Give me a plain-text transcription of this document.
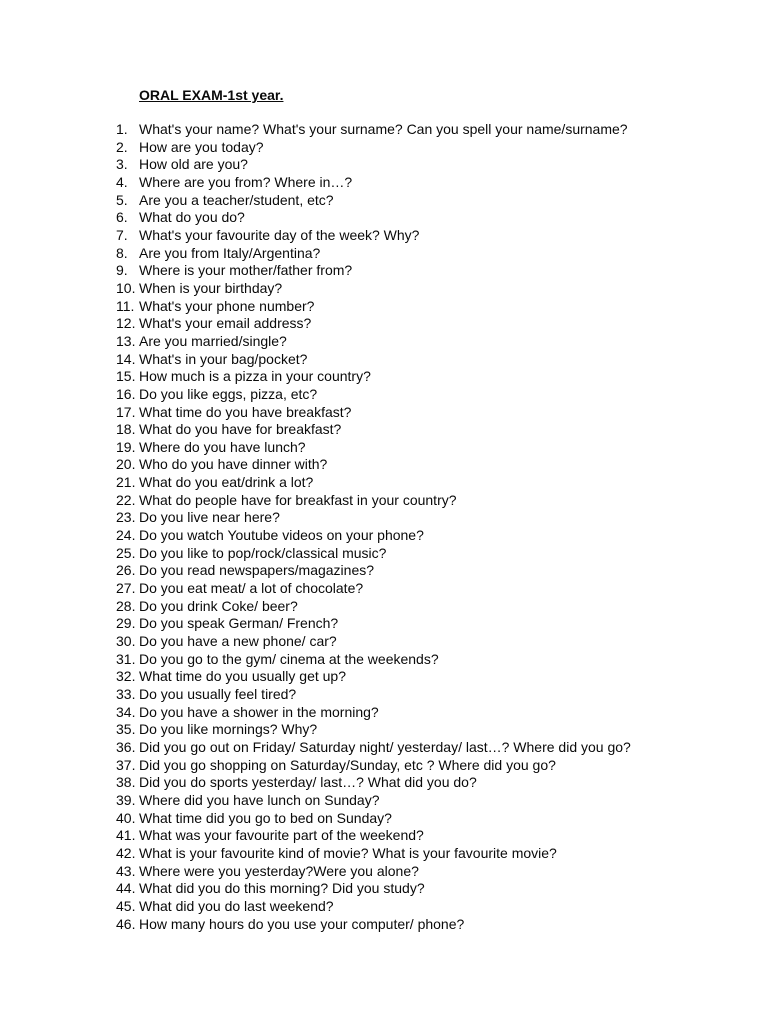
ORAL EXAM-1st year.
1. What's your name? What's your surname? Can you spell your name/surname?
2. How are you today?
3. How old are you?
4. Where are you from? Where in…?
5. Are you a teacher/student, etc?
6. What do you do?
7. What's your favourite day of the week? Why?
8. Are you from Italy/Argentina?
9. Where is your mother/father from?
10. When is your birthday?
11. What's your phone number?
12. What's your email address?
13. Are you married/single?
14. What's in your bag/pocket?
15. How much is a pizza in your country?
16. Do you like eggs, pizza, etc?
17. What time do you have breakfast?
18. What do you have for breakfast?
19. Where do you have lunch?
20. Who do you have dinner with?
21. What do you eat/drink a lot?
22. What do people have for breakfast in your country?
23. Do you live near here?
24. Do you watch Youtube videos on your phone?
25. Do you like to pop/rock/classical music?
26. Do you read newspapers/magazines?
27. Do you eat meat/ a lot of chocolate?
28. Do you drink Coke/ beer?
29. Do you speak German/ French?
30. Do you have a new phone/ car?
31. Do you go to the gym/ cinema at the weekends?
32. What time do you usually get up?
33. Do you usually feel tired?
34. Do you have a shower in the morning?
35. Do you like mornings? Why?
36. Did you go out on Friday/ Saturday night/ yesterday/ last…? Where did you go?
37. Did you go shopping on Saturday/Sunday, etc ? Where did you go?
38. Did you do sports yesterday/ last…? What did you do?
39. Where did you have lunch on Sunday?
40. What time did you go to bed on Sunday?
41. What was your favourite part of the weekend?
42. What is your favourite kind of movie? What is your favourite movie?
43. Where were you yesterday?Were you alone?
44. What did you do this morning? Did you study?
45. What did you do last weekend?
46. How many hours do you use your computer/ phone?
